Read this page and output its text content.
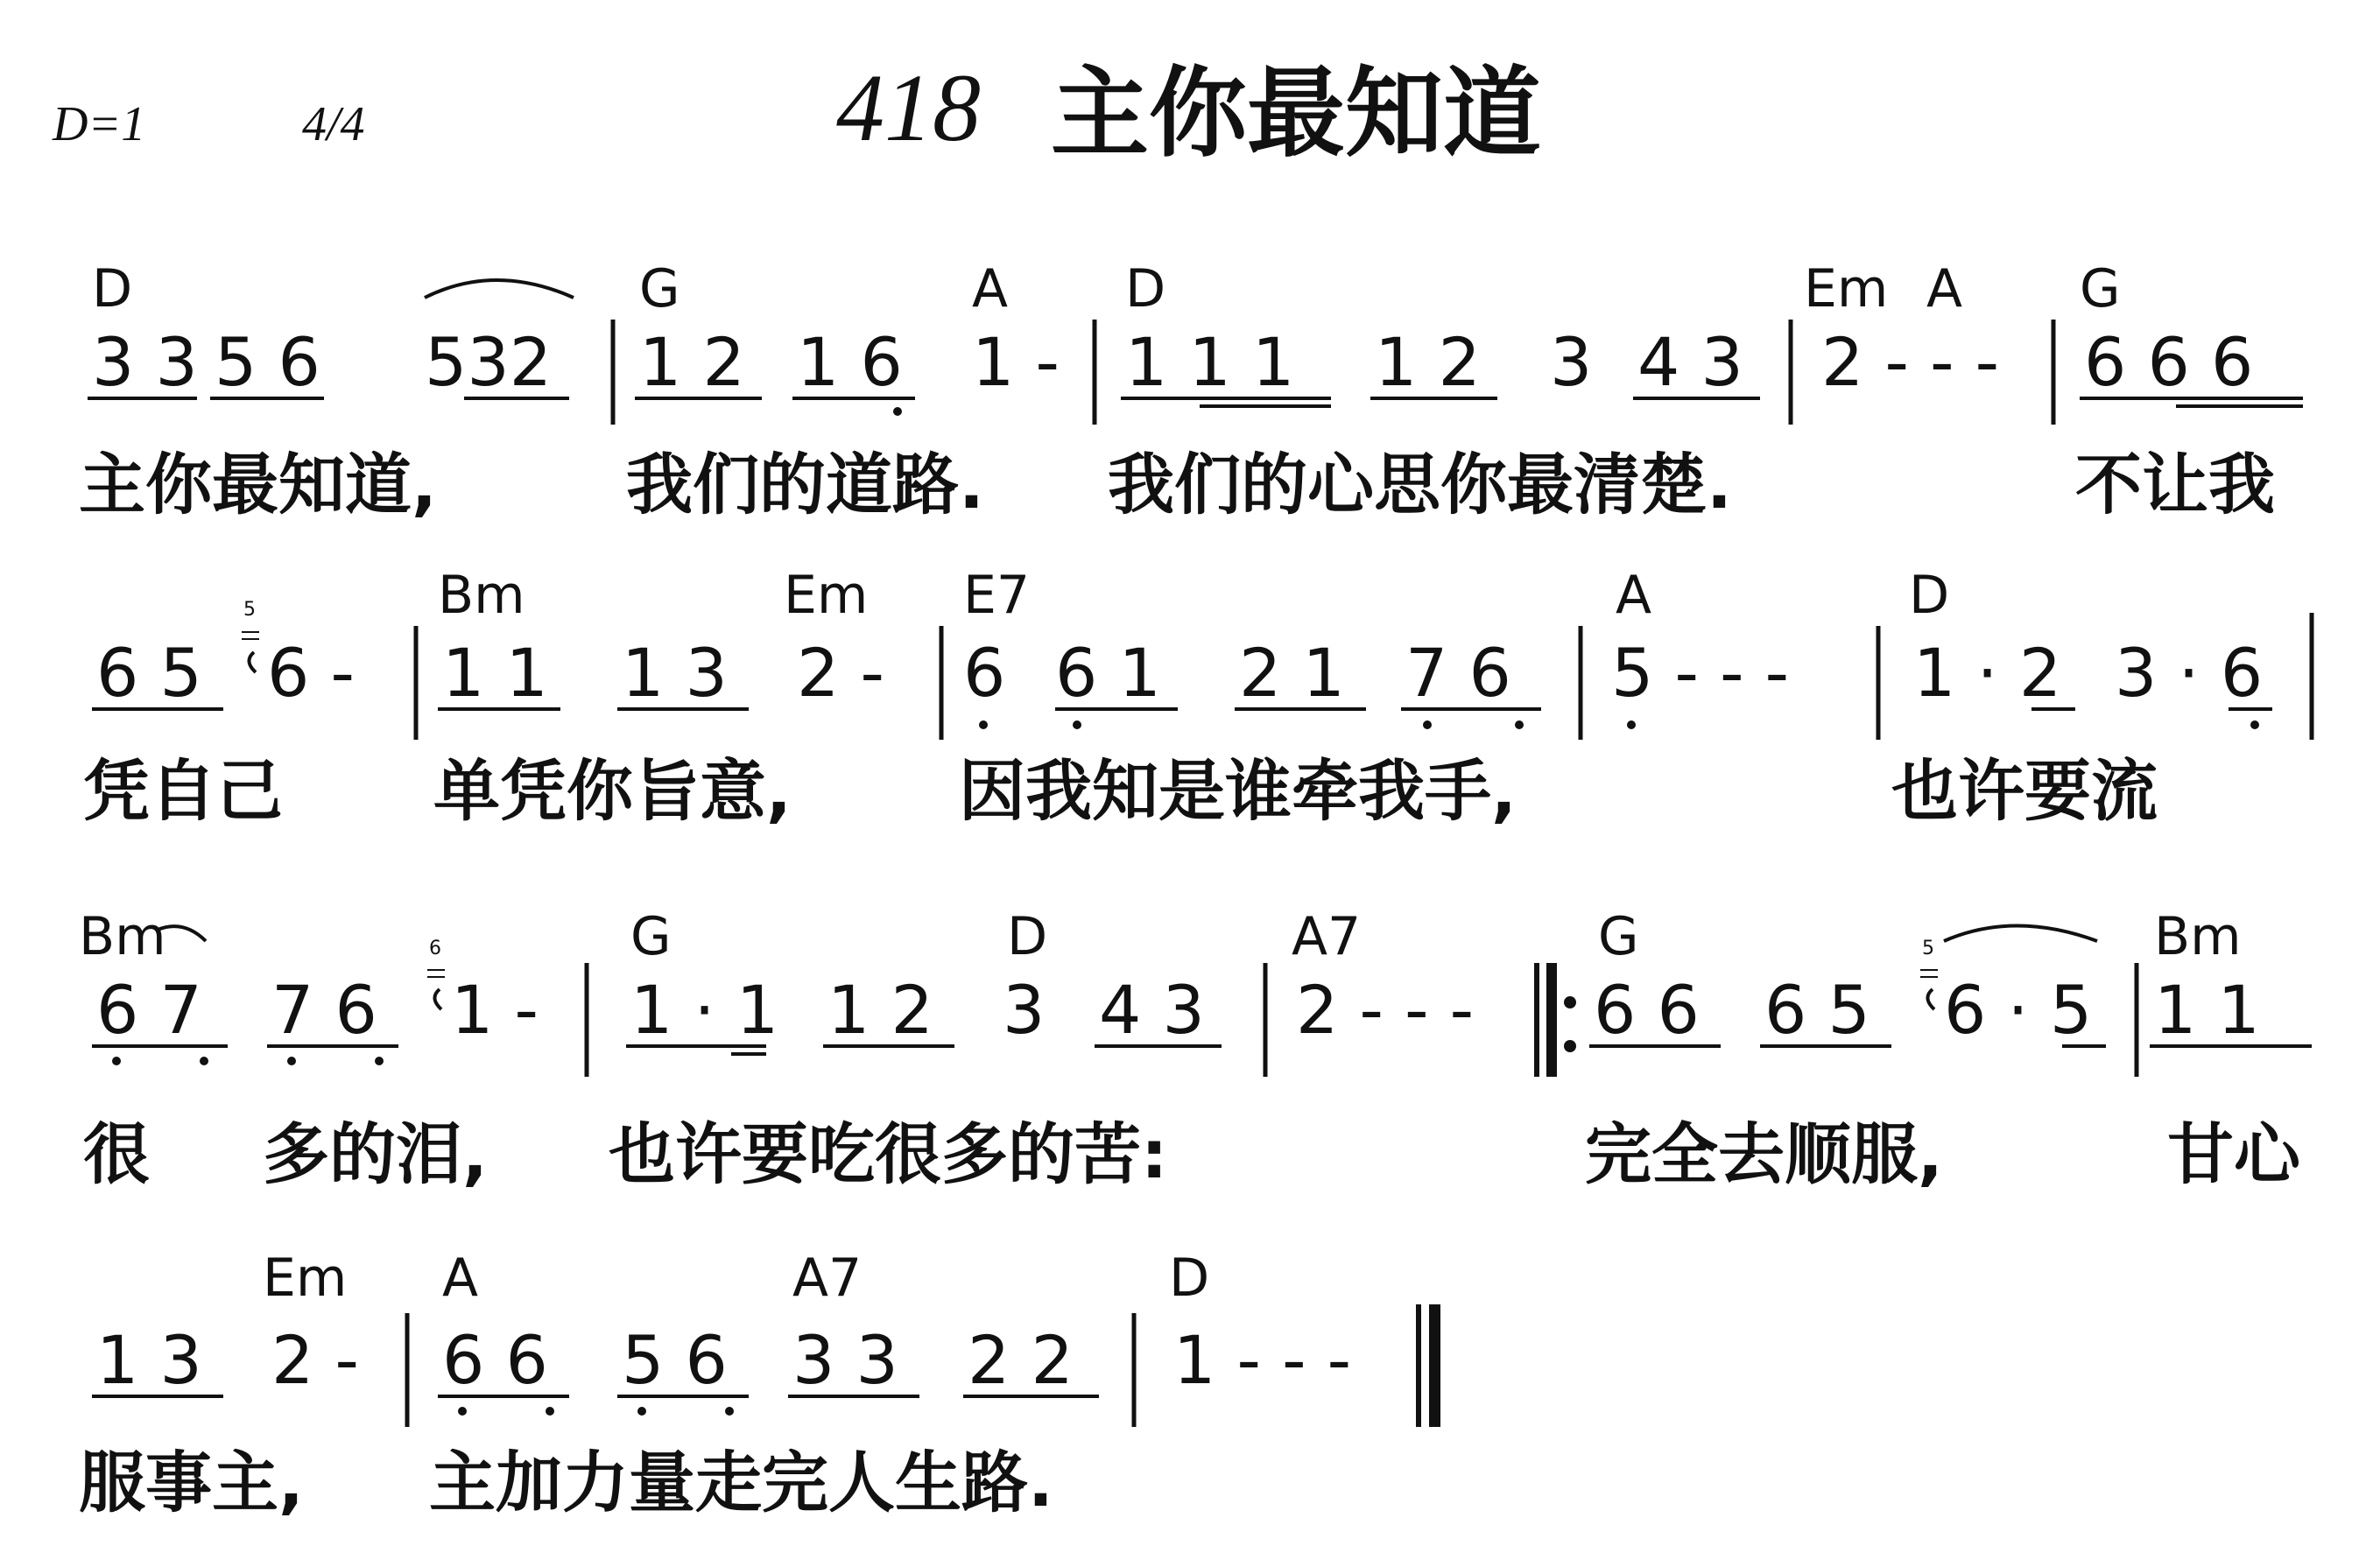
D=1	4/4	418 主你最知道
D	G	A D	Em A G
3 3 5 6 532 1 2 1 6 1 - 1 1 1 1 2 3 4 3 2 - - - 6 6 6
主你最知道,	我们的道路. 我们的心思你最清楚.	不让我
Bm	Em E7	A	D
6 5
5
6 - 1 1 1 3 2 - 6 6 1 2 1 7 6 5 - - - 1 · 2 3 · 6
凭自己 单凭你旨意,	因我知是谁牵我手,	也许要流
Bm	G	D	A7	G	Bm
6 7 7 6
6
1 - 1 · 1 1 2 3 4 3 2 - - - 6 6 6 5
5
6 · 5 1 1
很 多的泪, 也许要吃很多的苦:	完全去顺服,	甘心
Em A	A7	D
1 3 2 - 6 6 5 6 3 3 2 2 1 - - -
服事主, 主加力量走完人生路.
